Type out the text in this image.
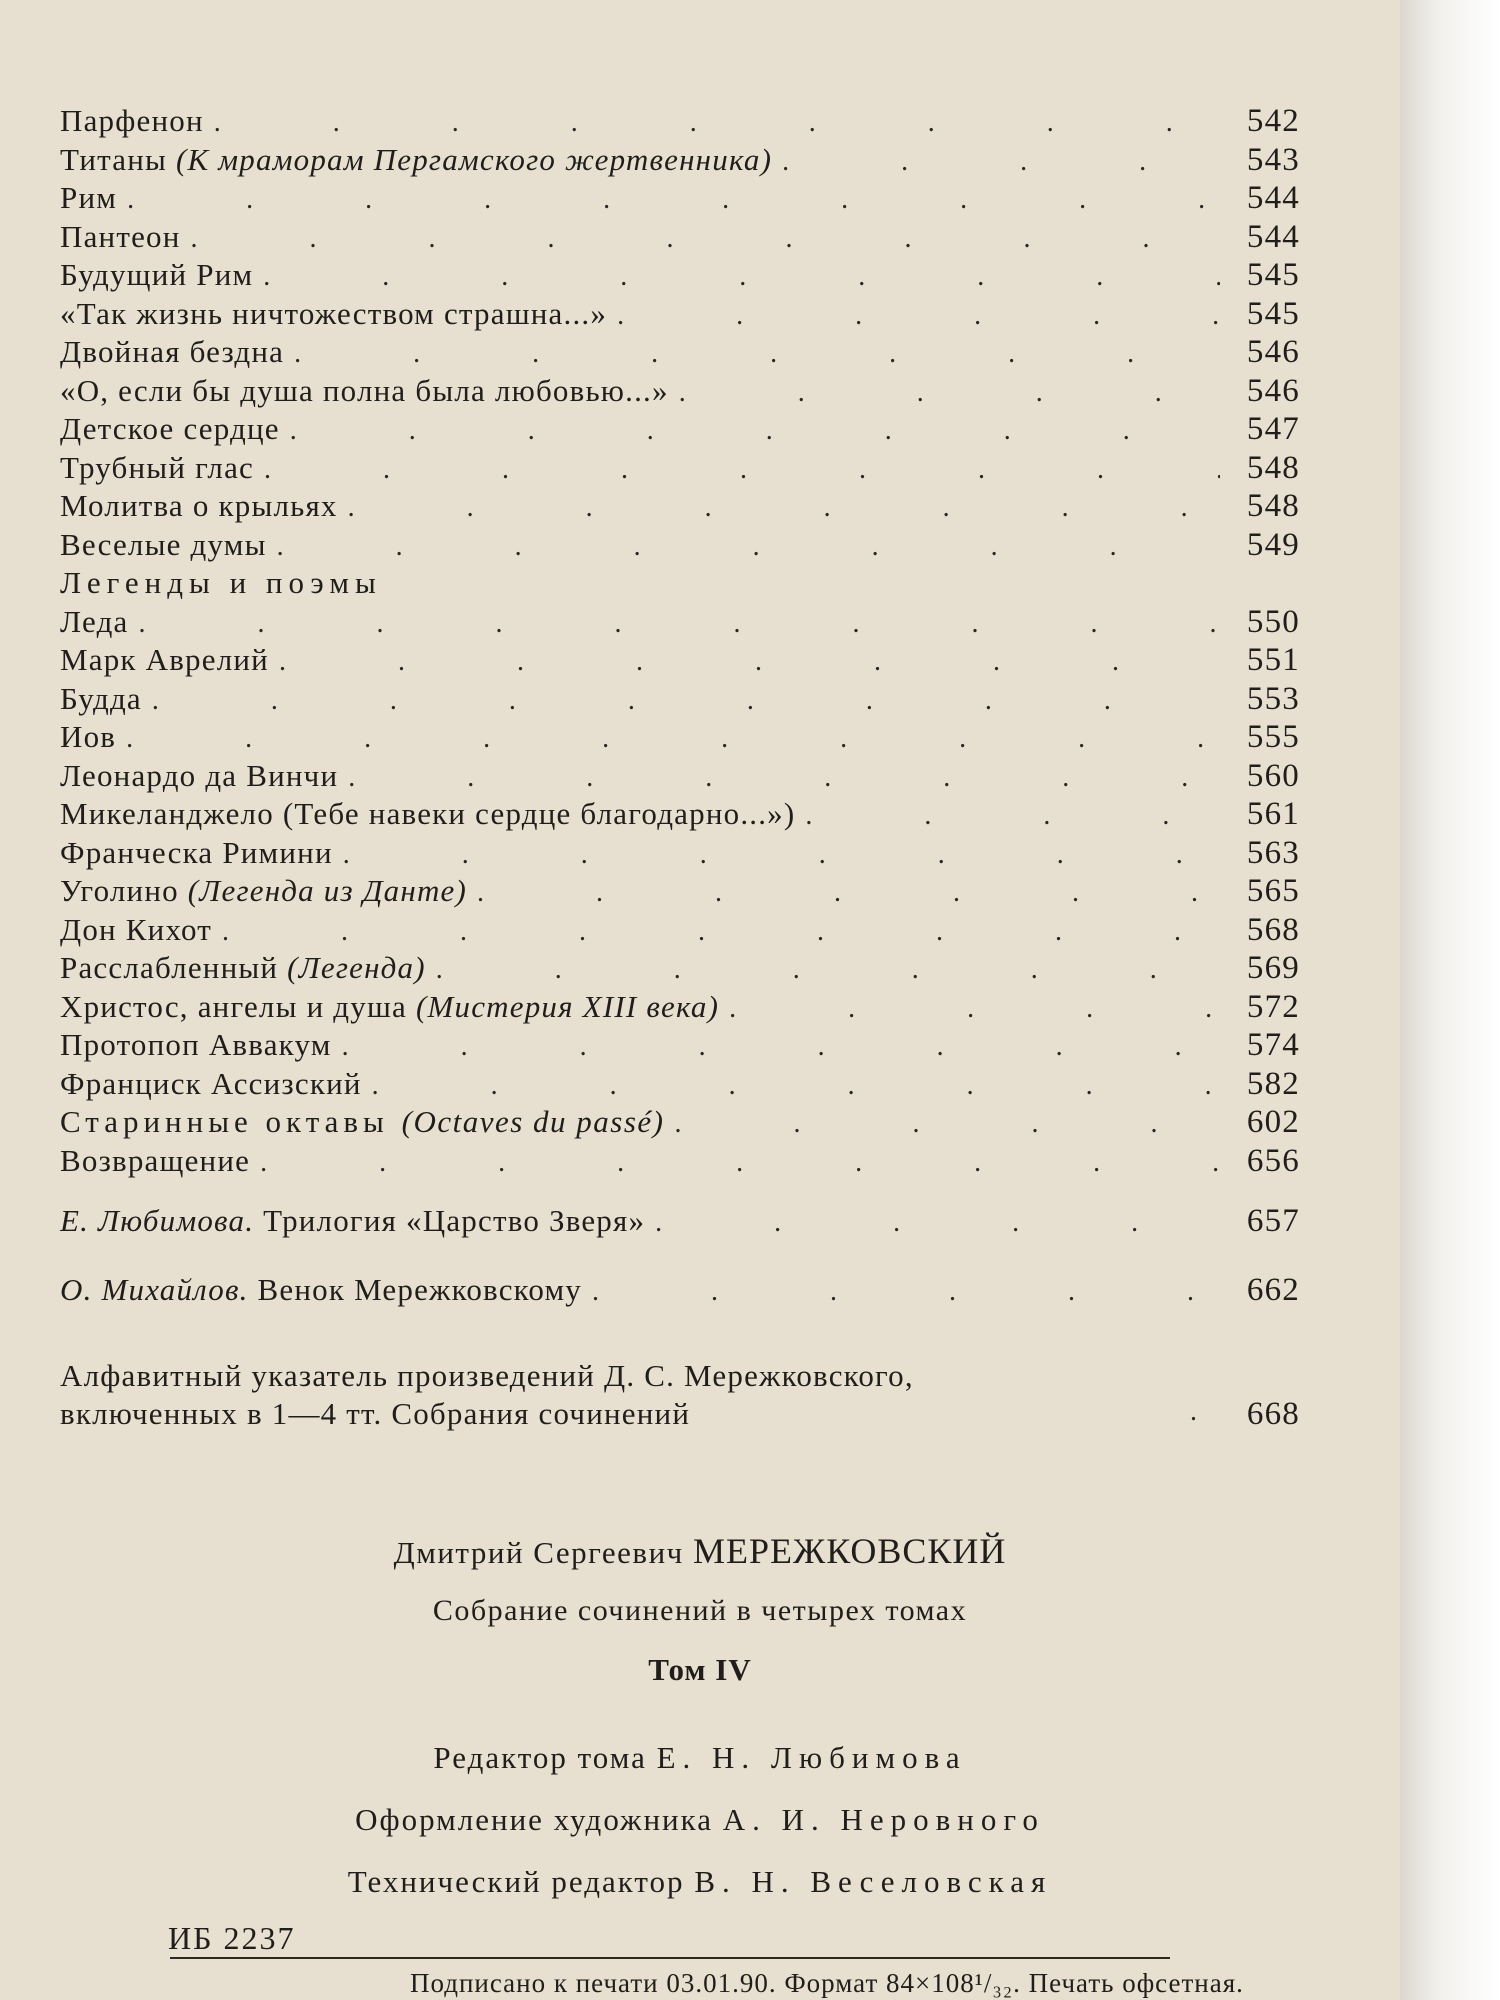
Парфенон .	542
Титаны (К мраморам Пергамского жертвенника) .	543
Рим .	544
Пантеон .	544
Будущий Рим .	545
«Так жизнь ничтожеством страшна...» .	545
Двойная бездна .	546
«О, если бы душа полна была любовью...» .	546
Детское сердце .	547
Трубный глас .	548
Молитва о крыльях .	548
Веселые думы .	549
Легенды и поэмы
Леда .	550
Марк Аврелий .	551
Будда .	553
Иов .	555
Леонардо да Винчи .	560
Микеланджело (Тебе навеки сердце благодарно...») .	561
Франческа Римини .	563
Уголино (Легенда из Данте) .	565
Дон Кихот .	568
Расслабленный (Легенда) .	569
Христос, ангелы и душа (Мистерия XIII века) .	572
Протопоп Аввакум .	574
Франциск Ассизский .	582
Старинные октавы (Octaves du passé) .	602
Возвращение .	656
Е. Любимова. Трилогия «Царство Зверя» .	657
О. Михайлов. Венок Мережковскому .	662
Алфавитный указатель произведений Д. С. Мережковского,
включенных в 1—4 тт. Собрания сочинений .	668
Дмитрий Сергеевич МЕРЕЖКОВСКИЙ
Собрание сочинений в четырех томах
Том IV
Редактор тома Е. Н. Любимова
Оформление художника А. И. Неровного
Технический редактор В. Н. Веселовская
ИБ 2237
Подписано к печати 03.01.90. Формат 84×108¹/₃₂. Печать офсетная.
